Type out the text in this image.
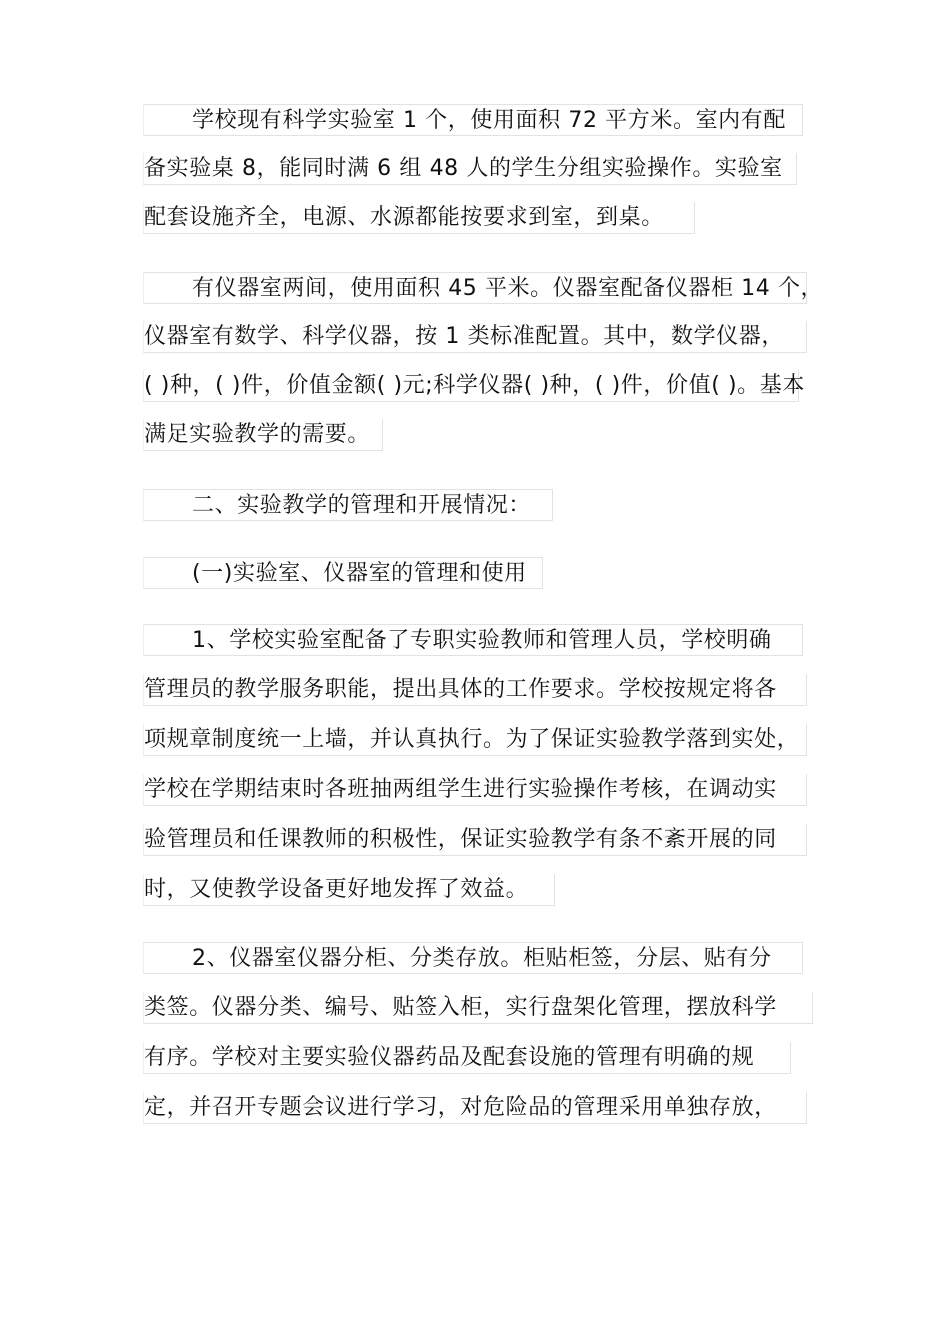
学校现有科学实验室 1 个，使用面积 72 平方米。室内有配
备实验桌 8，能同时满 6 组 48 人的学生分组实验操作。实验室
配套设施齐全，电源、水源都能按要求到室，到桌。
有仪器室两间，使用面积 45 平米。仪器室配备仪器柜 14 个，
仪器室有数学、科学仪器，按 1 类标准配置。其中，数学仪器，
( )种，( )件，价值金额( )元;科学仪器( )种，( )件，价值( )。基本
满足实验教学的需要。
二、实验教学的管理和开展情况：
(一)实验室、仪器室的管理和使用
1、学校实验室配备了专职实验教师和管理人员，学校明确
管理员的教学服务职能，提出具体的工作要求。学校按规定将各
项规章制度统一上墙，并认真执行。为了保证实验教学落到实处，
学校在学期结束时各班抽两组学生进行实验操作考核，在调动实
验管理员和任课教师的积极性，保证实验教学有条不紊开展的同
时，又使教学设备更好地发挥了效益。
2、仪器室仪器分柜、分类存放。柜贴柜签，分层、贴有分
类签。仪器分类、编号、贴签入柜，实行盘架化管理，摆放科学
有序。学校对主要实验仪器药品及配套设施的管理有明确的规
定，并召开专题会议进行学习，对危险品的管理采用单独存放，
